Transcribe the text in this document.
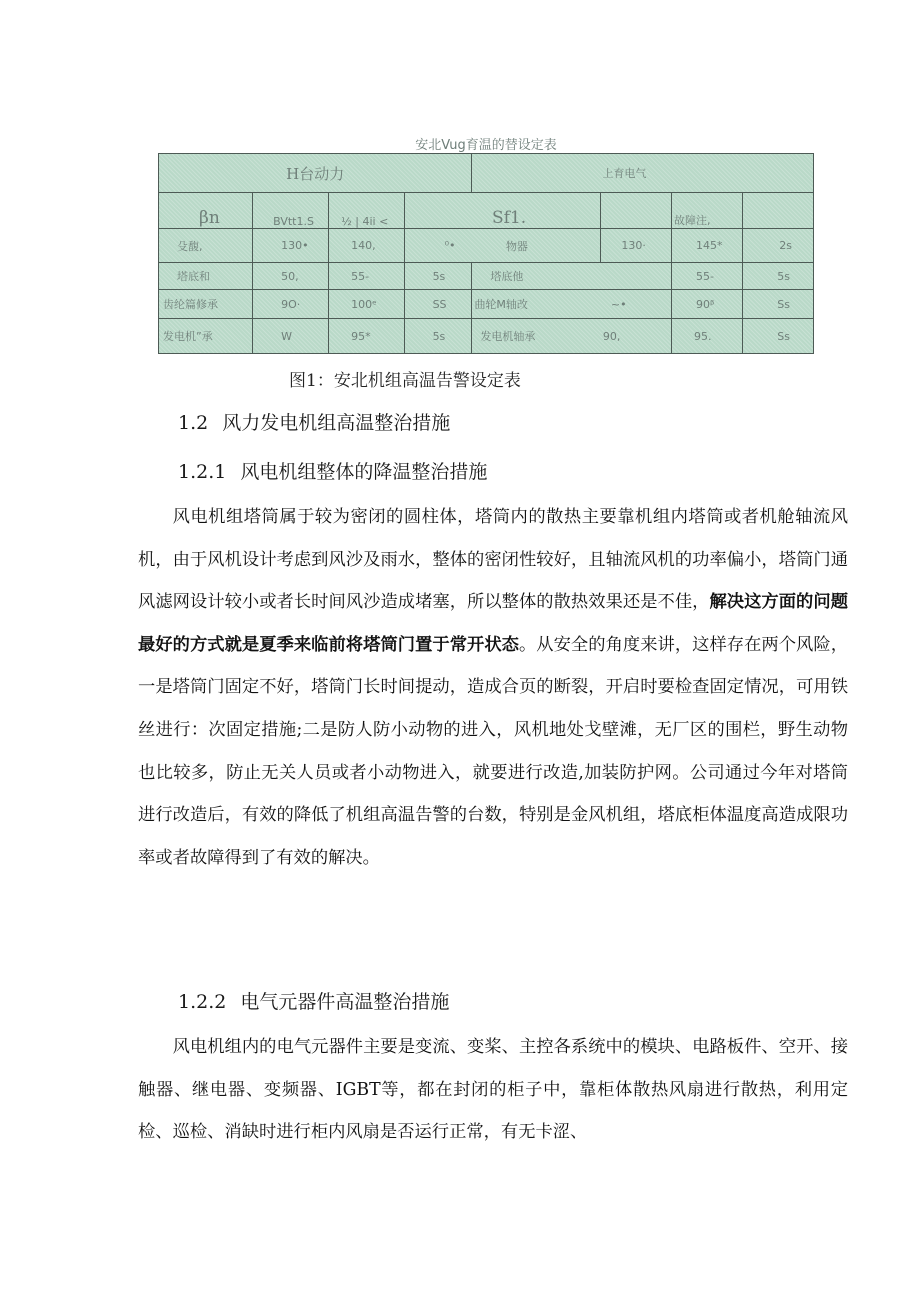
安北Vug育温的替设定表
H台动力				上育电气			
βn	BVtt1.S	½ | 4ii <		Sf1.		故障注,	
殳馥,	130•	140,	⁰•	物器	130·	145*	2s
塔底和	50,	55-	5s	塔底他		55-	5s
齿纶篇修承	9O·	100ᵉ	SS	曲轮M轴改	~•	90ᵝ	Ss
发电机”承	W	95*	5s	发电机轴承	90,	95.	Ss
图1：安北机组高温告警设定表
1.2 风力发电机组高温整治措施
1.2.1 风电机组整体的降温整治措施

风电机组塔筒属于较为密闭的圆柱体，塔筒内的散热主要靠机组内塔筒或者机舱轴流风机，由于风机设计考虑到风沙及雨水，整体的密闭性较好，且轴流风机的功率偏小，塔筒门通风滤网设计较小或者长时间风沙造成堵塞，所以整体的散热效果还是不佳，解决这方面的问题最好的方式就是夏季来临前将塔筒门置于常开状态。从安全的角度来讲，这样存在两个风险，一是塔筒门固定不好，塔筒门长时间提动，造成合页的断裂，开启时要检查固定情况，可用铁丝进行：次固定措施;二是防人防小动物的进入，风机地处戈壁滩，无厂区的围栏，野生动物也比较多，防止无关人员或者小动物进入，就要进行改造,加装防护网。公司通过今年对塔筒进行改造后，有效的降低了机组高温告警的台数，特别是金风机组，塔底柜体温度高造成限功率或者故障得到了有效的解决。

1.2.2 电气元器件高温整治措施

风电机组内的电气元器件主要是变流、变桨、主控各系统中的模块、电路板件、空开、接触器、继电器、变频器、IGBT等，都在封闭的柜子中，靠柜体散热风扇进行散热，利用定检、巡检、消缺时进行柜内风扇是否运行正常，有无卡涩、
